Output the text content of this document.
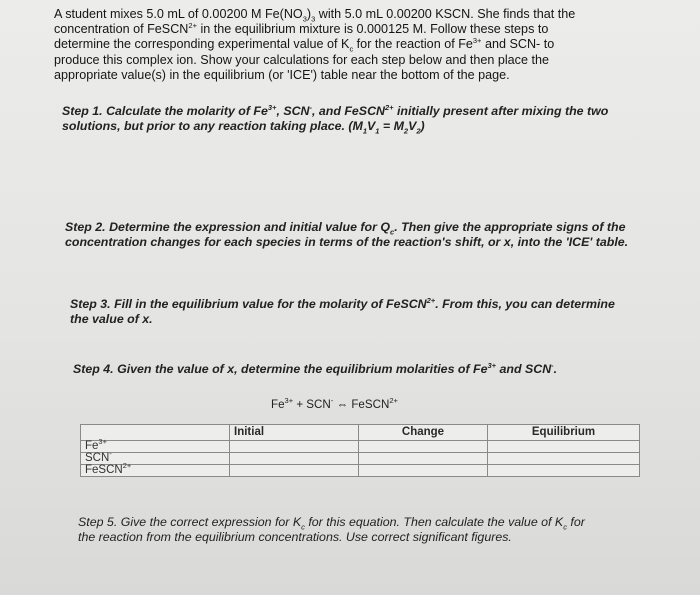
A student mixes 5.0 mL of 0.00200 M $Fe(NO_3)_3$ with 5.0 mL 0.00200 KSCN. She finds that the
concentration of FeSCN$^{2+}$ in the equilibrium mixture is 0.000125 M. Follow these steps to
determine the corresponding experimental value of $K_c$ for the reaction of $Fe^{3+}$ and SCN- to
produce this complex ion. Show your calculations for each step below and then place the
appropriate value(s) in the equilibrium (or 'ICE') table near the bottom of the page.
Step 1. Calculate the molarity of $Fe^{3+}$, SCN-, and FeSCN$^{2+}$ initially present after mixing the two
solutions, but prior to any reaction taking place. $(M_1V_1 = M_2V_2)$
Step 2. Determine the expression and initial value for $Q_c$. Then give the appropriate signs of the
concentration changes for each species in terms of the reaction's shift, or x, into the 'ICE' table.
Step 3. Fill in the equilibrium value for the molarity of FeSCN$^{2+}$. From this, you can determine
the value of x.
Step 4. Given the value of x, determine the equilibrium molarities of $Fe^{3+}$ and SCN-.
$Fe^{3+} + SCN^-$ ⇔ FeSCN$^{2+}$
	Initial	Change	Equilibrium
$Fe^{3+}$			
SCN-			
FeSCN$^{2+}$			
Step 5. Give the correct expression for $K_c$ for this equation. Then calculate the value of $K_c$ for
the reaction from the equilibrium concentrations. Use correct significant figures.
